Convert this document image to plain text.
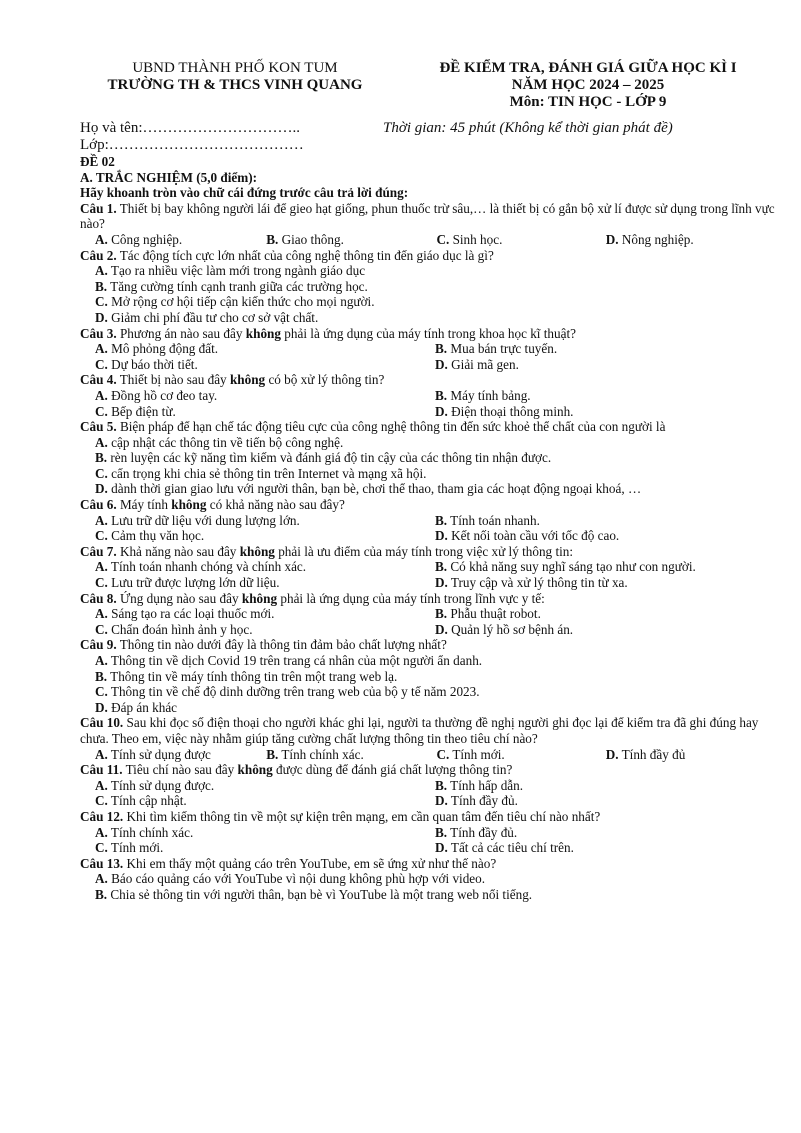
UBND THÀNH PHỐ KON TUM
TRƯỜNG TH & THCS VINH QUANG
ĐỀ KIỂM TRA, ĐÁNH GIÁ GIỮA HỌC KÌ I
NĂM HỌC 2024 – 2025
Môn: TIN HỌC - LỚP 9
Họ và tên:…………………………..	Thời gian: 45 phút (Không kể thời gian phát đề)
Lớp:…………………………………
ĐỀ 02
A. TRẮC NGHIỆM (5,0 điểm):
Hãy khoanh tròn vào chữ cái đứng trước câu trả lời đúng:
Câu 1. Thiết bị bay không người lái để gieo hạt giống, phun thuốc trừ sâu,… là thiết bị có gắn bộ xử lí được sử dụng trong lĩnh vực nào?
A. Công nghiệp.	B. Giao thông.	C. Sinh học.	D. Nông nghiệp.
Câu 2. Tác động tích cực lớn nhất của công nghệ thông tin đến giáo dục là gì?
A. Tạo ra nhiều việc làm mới trong ngành giáo dục
B. Tăng cường tính cạnh tranh giữa các trường học.
C. Mở rộng cơ hội tiếp cận kiến thức cho mọi người.
D. Giảm chi phí đầu tư cho cơ sở vật chất.
Câu 3. Phương án nào sau đây không phải là ứng dụng của máy tính trong khoa học kĩ thuật?
A. Mô phỏng động đất.	B. Mua bán trực tuyến.
C. Dự báo thời tiết.	D. Giải mã gen.
Câu 4. Thiết bị nào sau đây không có bộ xử lý thông tin?
A. Đồng hồ cơ đeo tay.	B. Máy tính bảng.
C. Bếp điện từ.	D. Điện thoại thông minh.
Câu 5. Biện pháp để hạn chế tác động tiêu cực của công nghệ thông tin đến sức khoẻ thể chất của con người là
A. cập nhật các thông tin về tiến bộ công nghệ.
B. rèn luyện các kỹ năng tìm kiếm và đánh giá độ tin cậy của các thông tin nhận được.
C. cẩn trọng khi chia sẻ thông tin trên Internet và mạng xã hội.
D. dành thời gian giao lưu với người thân, bạn bè, chơi thể thao, tham gia các hoạt động ngoại khoá, …
Câu 6. Máy tính không có khả năng nào sau đây?
A. Lưu trữ dữ liệu với dung lượng lớn.	B. Tính toán nhanh.
C. Cảm thụ văn học.	D. Kết nối toàn cầu với tốc độ cao.
Câu 7. Khả năng nào sau đây không phải là ưu điểm của máy tính trong việc xử lý thông tin:
A. Tính toán nhanh chóng và chính xác.	B. Có khả năng suy nghĩ sáng tạo như con người.
C. Lưu trữ được lượng lớn dữ liệu.	D. Truy cập và xử lý thông tin từ xa.
Câu 8. Ứng dụng nào sau đây không phải là ứng dụng của máy tính trong lĩnh vực y tế:
A. Sáng tạo ra các loại thuốc mới.	B. Phẫu thuật robot.
C. Chẩn đoán hình ảnh y học.	D. Quản lý hồ sơ bệnh án.
Câu 9. Thông tin nào dưới đây là thông tin đảm bảo chất lượng nhất?
A. Thông tin về dịch Covid 19 trên trang cá nhân của một người ẩn danh.
B. Thông tin về máy tính thông tin trên một trang web lạ.
C. Thông tin về chế độ dinh dưỡng trên trang web của bộ y tế năm 2023.
D. Đáp án khác
Câu 10. Sau khi đọc số điện thoại cho người khác ghi lại, người ta thường đề nghị người ghi đọc lại để kiểm tra đã ghi đúng hay chưa. Theo em, việc này nhằm giúp tăng cường chất lượng thông tin theo tiêu chí nào?
A. Tính sử dụng được	B. Tính chính xác.	C. Tính mới.	D. Tính đầy đủ
Câu 11. Tiêu chí nào sau đây không được dùng để đánh giá chất lượng thông tin?
A. Tính sử dụng được.	B. Tính hấp dẫn.
C. Tính cập nhật.	D. Tính đầy đủ.
Câu 12. Khi tìm kiếm thông tin về một sự kiện trên mạng, em cần quan tâm đến tiêu chí nào nhất?
A. Tính chính xác.	B. Tính đầy đủ.
C. Tính mới.	D. Tất cả các tiêu chí trên.
Câu 13. Khi em thấy một quảng cáo trên YouTube, em sẽ ứng xử như thế nào?
A. Báo cáo quảng cáo với YouTube vì nội dung không phù hợp với video.
B. Chia sẻ thông tin với người thân, bạn bè vì YouTube là một trang web nổi tiếng.
